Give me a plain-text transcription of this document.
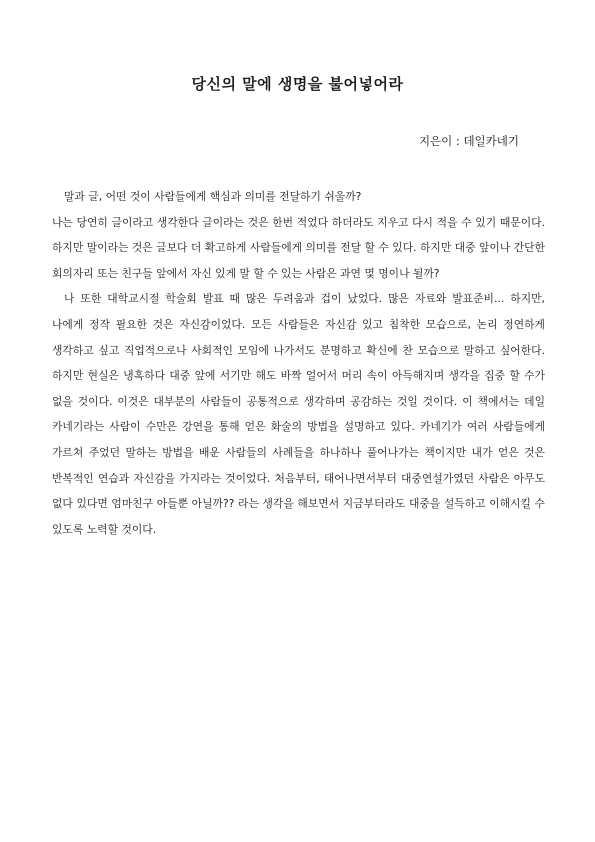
당신의 말에 생명을 불어넣어라
지은이 : 데일카네기

말과 글, 어떤 것이 사람들에게 핵심과 의미를 전달하기 쉬울까?

나는 당연히 글이라고 생각한다 글이라는 것은 한번 적었다 하더라도 지우고 다시 적을 수 있기 때문이다. 하지만 말이라는 것은 글보다 더 확고하게 사람들에게 의미를 전달 할 수 있다. 하지만 대중 앞이나 간단한 회의자리 또는 친구들 앞에서 자신 있게 말 할 수 있는 사람은 과연 몇 명이나 될까?

나 또한 대학교시절 학술회 발표 때 많은 두려움과 겁이 났었다. 많은 자료와 발표준비... 하지만, 나에게 정작 필요한 것은 자신감이었다. 모든 사람들은 자신감 있고 침착한 모습으로, 논리 정연하게 생각하고 싶고 직업적으로나 사회적인 모임에 나가서도 분명하고 확신에 찬 모습으로 말하고 싶어한다. 하지만 현실은 냉혹하다 대중 앞에 서기만 해도 바짝 얼어서 머리 속이 아득해지며 생각을 집중 할 수가 없을 것이다. 이것은 대부분의 사람들이 공통적으로 생각하며 공감하는 것일 것이다. 이 책에서는 데일 카네기라는 사람이 수만은 강연을 통해 얻은 화술의 방법을 설명하고 있다. 카네기가 여러 사람들에게 가르쳐 주었던 말하는 방법을 배운 사람들의 사례들을 하나하나 풀어나가는 책이지만 내가 얻은 것은 반복적인 연습과 자신감을 가지라는 것이었다. 처음부터, 태어나면서부터 대중연설가였던 사람은 아무도 없다 있다면 엄마친구 아들뿐 아닐까?? 라는 생각을 해보면서 지금부터라도 대중을 설득하고 이해시킬 수 있도록 노력할 것이다.
